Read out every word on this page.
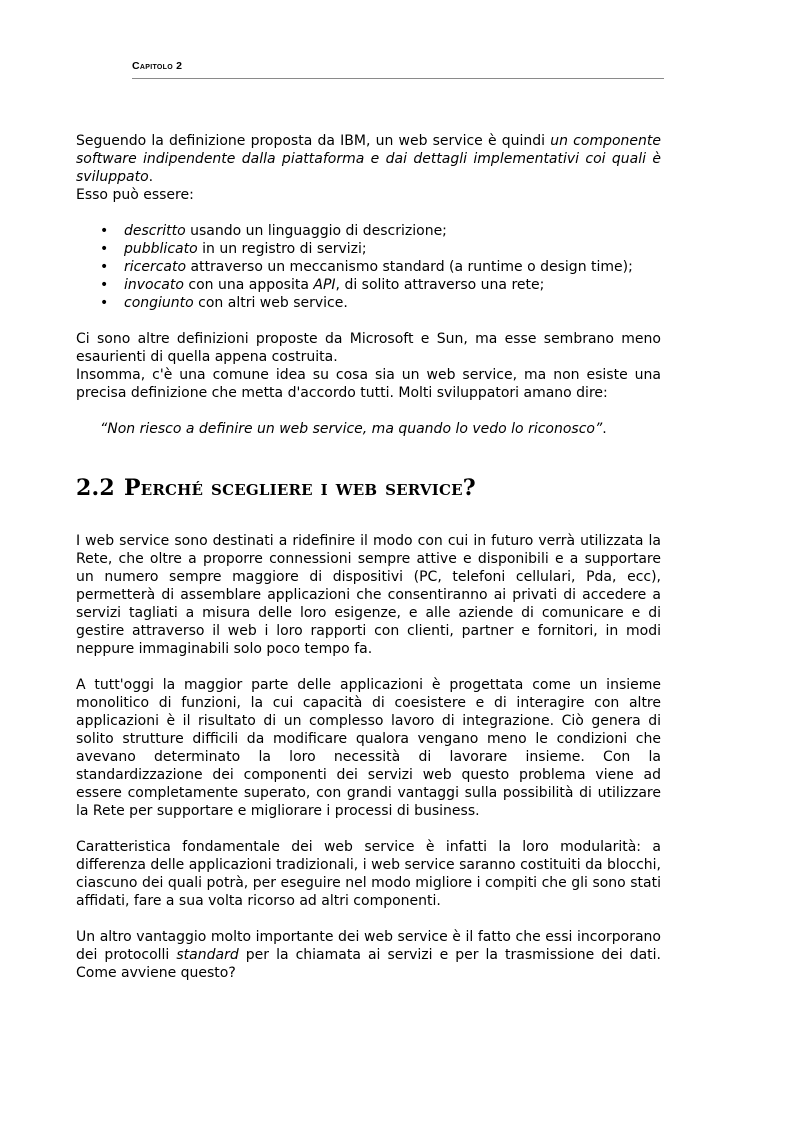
Capitolo 2

Seguendo la definizione proposta da IBM, un web service è quindi un componente software indipendente dalla piattaforma e dai dettagli implementativi coi quali è sviluppato.
Esso può essere:

• descritto usando un linguaggio di descrizione;
• pubblicato in un registro di servizi;
• ricercato attraverso un meccanismo standard (a runtime o design time);
• invocato con una apposita API, di solito attraverso una rete;
• congiunto con altri web service.

Ci sono altre definizioni proposte da Microsoft e Sun, ma esse sembrano meno esaurienti di quella appena costruita.
Insomma, c'è una comune idea su cosa sia un web service, ma non esiste una precisa definizione che metta d'accordo tutti. Molti sviluppatori amano dire:

“Non riesco a definire un web service, ma quando lo vedo lo riconosco”.

2.2 Perché scegliere i web service?

I web service sono destinati a ridefinire il modo con cui in futuro verrà utilizzata la Rete, che oltre a proporre connessioni sempre attive e disponibili e a supportare un numero sempre maggiore di dispositivi (PC, telefoni cellulari, Pda, ecc), permetterà di assemblare applicazioni che consentiranno ai privati di accedere a servizi tagliati a misura delle loro esigenze, e alle aziende di comunicare e di gestire attraverso il web i loro rapporti con clienti, partner e fornitori, in modi neppure immaginabili solo poco tempo fa.

A tutt'oggi la maggior parte delle applicazioni è progettata come un insieme monolitico di funzioni, la cui capacità di coesistere e di interagire con altre applicazioni è il risultato di un complesso lavoro di integrazione. Ciò genera di solito strutture difficili da modificare qualora vengano meno le condizioni che avevano determinato la loro necessità di lavorare insieme. Con la standardizzazione dei componenti dei servizi web questo problema viene ad essere completamente superato, con grandi vantaggi sulla possibilità di utilizzare la Rete per supportare e migliorare i processi di business.

Caratteristica fondamentale dei web service è infatti la loro modularità: a differenza delle applicazioni tradizionali, i web service saranno costituiti da blocchi, ciascuno dei quali potrà, per eseguire nel modo migliore i compiti che gli sono stati affidati, fare a sua volta ricorso ad altri componenti.

Un altro vantaggio molto importante dei web service è il fatto che essi incorporano dei protocolli standard per la chiamata ai servizi e per la trasmissione dei dati. Come avviene questo?
